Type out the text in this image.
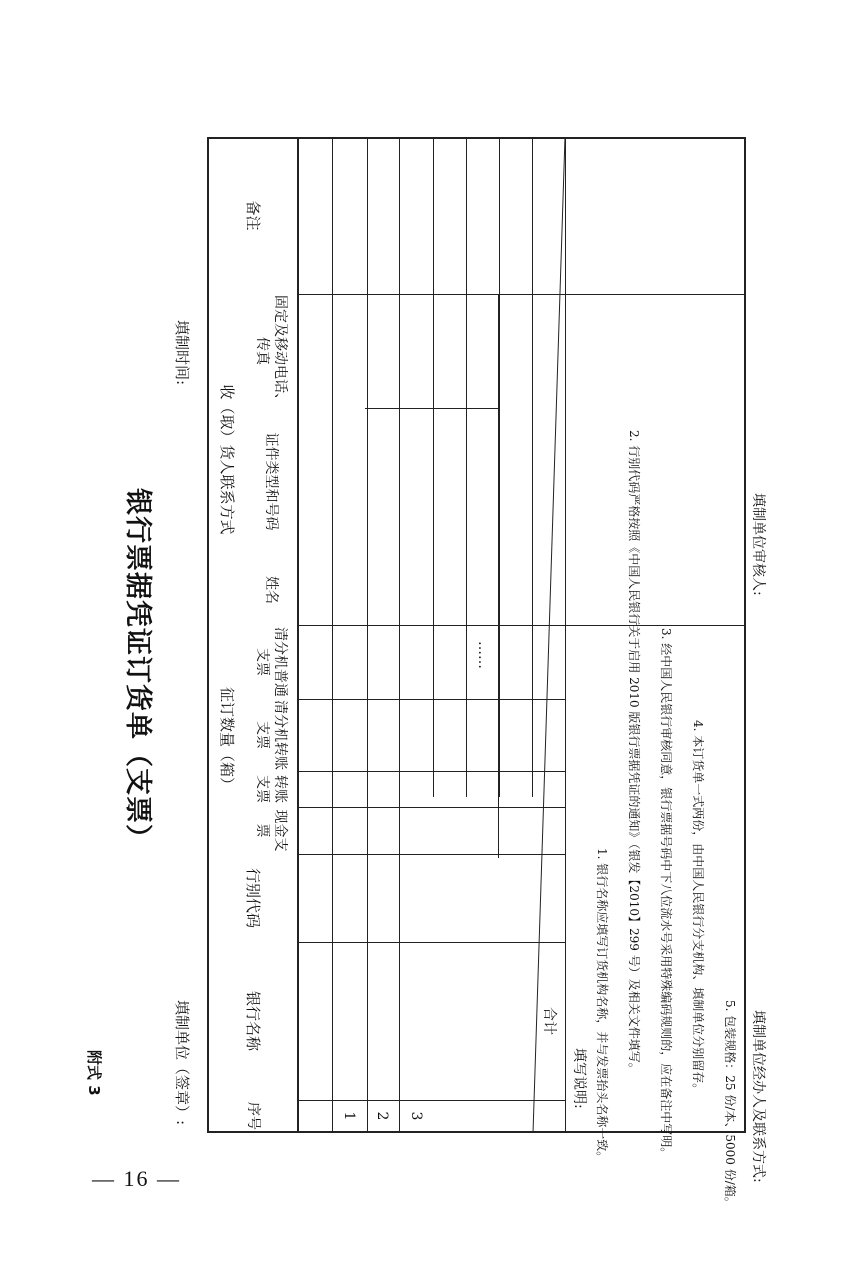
— 16 —
附式 3
银行票据凭证订货单（支票）
填制单位（签章）:
填制时间:
序号
银行名称
行别代码
征订数量（箱）
现金支票
转账支票
清分机转账支票
清分机普通支票
收（取）货人联系方式
姓名
证件类型和号码
固定及移动电话、传真
备注
1	2	3
……
合计
填写说明: 1. 银行名称应填写订货机构名称，并与发票抬头名称一致。 2. 行别代码严格按照《中国人民银行关于启用 2010 版银行票据凭证的通知》（银发【2010】299 号）及相关文件填写。 3. 经中国人民银行审核同意，银行票据号码中下八位流水号采用特殊编码规则的，应在备注中写明。 4. 本订货单一式两份，由中国人民银行分支机构、填制单位分别留存。
5. 包装规格：25 份/本、5000 份/箱。 填制单位经办人及联系方式:
填制单位审核人:
